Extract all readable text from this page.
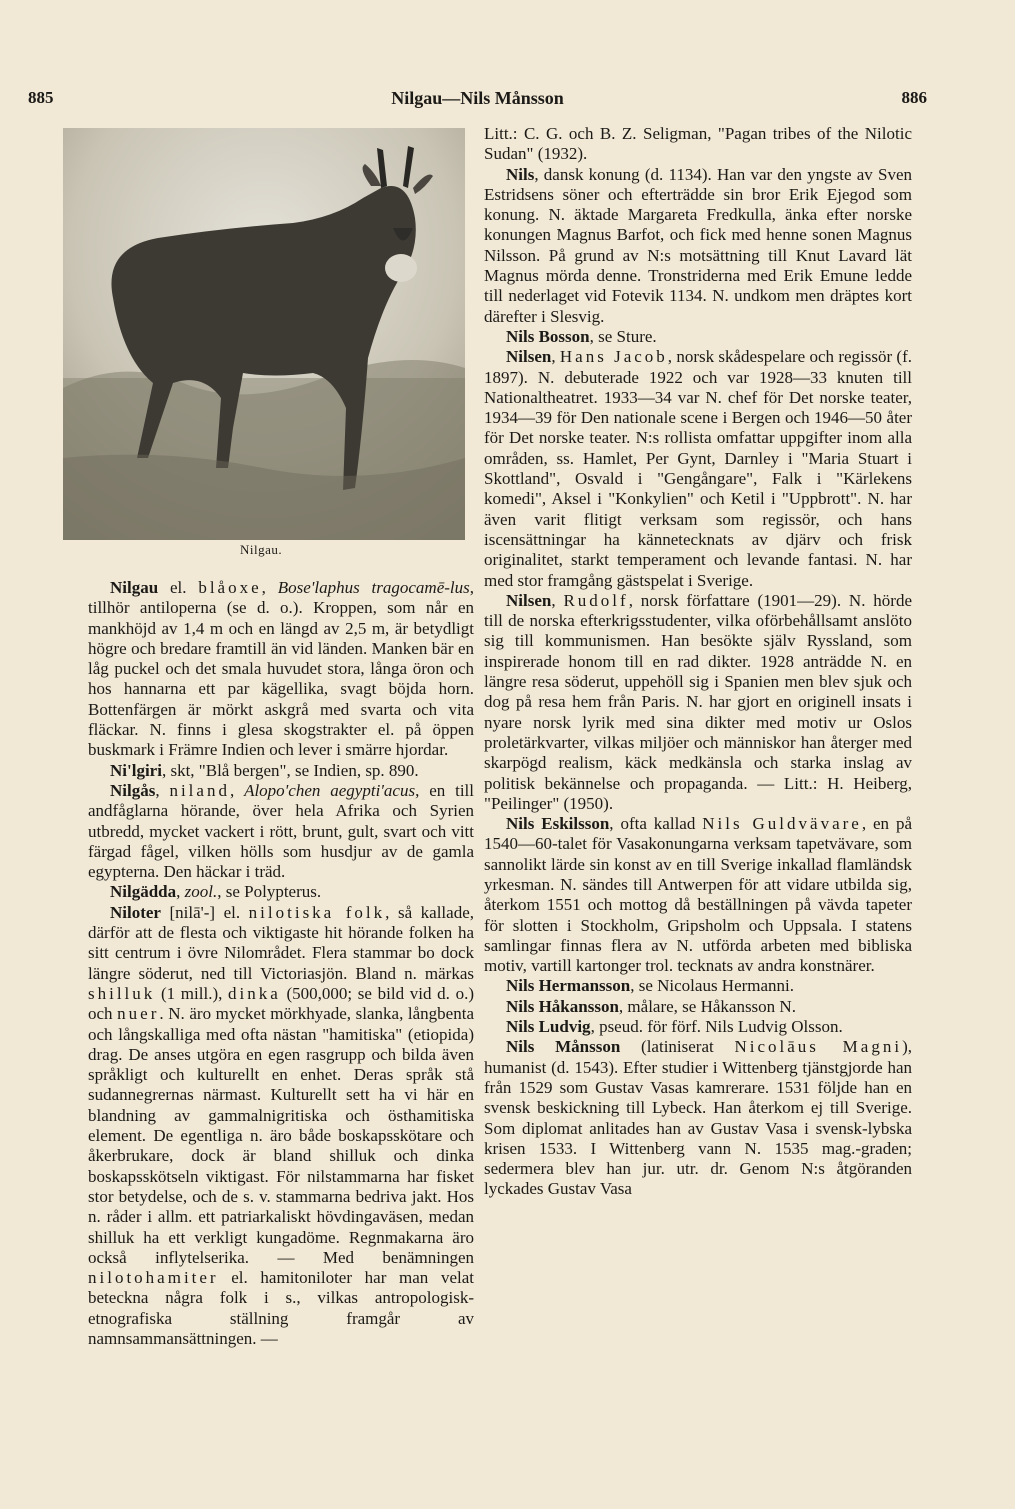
885	Nilgau—Nils Månsson	886
Nilgau.

Nilgau el. blåoxe, Bose'laphus tragocamē-lus, tillhör antiloperna (se d. o.). Kroppen, som når en mankhöjd av 1,4 m och en längd av 2,5 m, är betydligt högre och bredare framtill än vid länden. Manken bär en låg puckel och det smala huvudet stora, långa öron och hos hannarna ett par kägellika, svagt böjda horn. Bottenfärgen är mörkt askgrå med svarta och vita fläckar. N. finns i glesa skogstrakter el. på öppen buskmark i Främre Indien och lever i smärre hjordar.

Ni'lgiri, skt, "Blå bergen", se Indien, sp. 890.

Nilgås, niland, Alopo'chen aegypti'acus, en till andfåglarna hörande, över hela Afrika och Syrien utbredd, mycket vackert i rött, brunt, gult, svart och vitt färgad fågel, vilken hölls som husdjur av de gamla egypterna. Den häckar i träd.

Nilgädda, zool., se Polypterus.

Niloter [nilā'-] el. nilotiska folk, så kallade, därför att de flesta och viktigaste hit hörande folken ha sitt centrum i övre Nilområdet. Flera stammar bo dock längre söderut, ned till Victoriasjön. Bland n. märkas shilluk (1 mill.), dinka (500,000; se bild vid d. o.) och nuer. N. äro mycket mörkhyade, slanka, långbenta och långskalliga med ofta nästan "hamitiska" (etiopida) drag. De anses utgöra en egen rasgrupp och bilda även språkligt och kulturellt en enhet. Deras språk stå sudannegrernas närmast. Kulturellt sett ha vi här en blandning av gammalnigritiska och östhamitiska element. De egentliga n. äro både boskapsskötare och åkerbrukare, dock är bland shilluk och dinka boskapsskötseln viktigast. För nilstammarna har fisket stor betydelse, och de s. v. stammarna bedriva jakt. Hos n. råder i allm. ett patriarkaliskt hövdingaväsen, medan shilluk ha ett verkligt kungadöme. Regnmakarna äro också inflytelserika. — Med benämningen nilotohamiter el. hamitoniloter har man velat beteckna några folk i s., vilkas antropologisk-etnografiska ställning framgår av namnsammansättningen. —

Litt.: C. G. och B. Z. Seligman, "Pagan tribes of the Nilotic Sudan" (1932).

Nils, dansk konung (d. 1134). Han var den yngste av Sven Estridsens söner och efterträdde sin bror Erik Ejegod som konung. N. äktade Margareta Fredkulla, änka efter norske konungen Magnus Barfot, och fick med henne sonen Magnus Nilsson. På grund av N:s motsättning till Knut Lavard lät Magnus mörda denne. Tronstriderna med Erik Emune ledde till nederlaget vid Fotevik 1134. N. undkom men dräptes kort därefter i Slesvig.

Nils Bosson, se Sture.

Nilsen, Hans Jacob, norsk skådespelare och regissör (f. 1897). N. debuterade 1922 och var 1928—33 knuten till Nationaltheatret. 1933—34 var N. chef för Det norske teater, 1934—39 för Den nationale scene i Bergen och 1946—50 åter för Det norske teater. N:s rollista omfattar uppgifter inom alla områden, ss. Hamlet, Per Gynt, Darnley i "Maria Stuart i Skottland", Osvald i "Gengångare", Falk i "Kärlekens komedi", Aksel i "Konkylien" och Ketil i "Uppbrott". N. har även varit flitigt verksam som regissör, och hans iscensättningar ha kännetecknats av djärv och frisk originalitet, starkt temperament och levande fantasi. N. har med stor framgång gästspelat i Sverige.

Nilsen, Rudolf, norsk författare (1901—29). N. hörde till de norska efterkrigsstudenter, vilka oförbehållsamt anslöto sig till kommunismen. Han besökte själv Ryssland, som inspirerade honom till en rad dikter. 1928 anträdde N. en längre resa söderut, uppehöll sig i Spanien men blev sjuk och dog på resa hem från Paris. N. har gjort en originell insats i nyare norsk lyrik med sina dikter med motiv ur Oslos proletärkvarter, vilkas miljöer och människor han återger med skarpögd realism, käck medkänsla och starka inslag av politisk bekännelse och propaganda. — Litt.: H. Heiberg, "Peilinger" (1950).

Nils Eskilsson, ofta kallad Nils Guldvävare, en på 1540—60-talet för Vasakonungarna verksam tapetvävare, som sannolikt lärde sin konst av en till Sverige inkallad flamländsk yrkesman. N. sändes till Antwerpen för att vidare utbilda sig, återkom 1551 och mottog då beställningen på vävda tapeter för slotten i Stockholm, Gripsholm och Uppsala. I statens samlingar finnas flera av N. utförda arbeten med bibliska motiv, vartill kartonger trol. tecknats av andra konstnärer.

Nils Hermansson, se Nicolaus Hermanni.

Nils Håkansson, målare, se Håkansson N.

Nils Ludvig, pseud. för förf. Nils Ludvig Olsson.

Nils Månsson (latiniserat Nicolāus Magni), humanist (d. 1543). Efter studier i Wittenberg tjänstgjorde han från 1529 som Gustav Vasas kamrerare. 1531 följde han en svensk beskickning till Lybeck. Han återkom ej till Sverige. Som diplomat anlitades han av Gustav Vasa i svensk-lybska krisen 1533. I Wittenberg vann N. 1535 mag.-graden; sedermera blev han jur. utr. dr. Genom N:s åtgöranden lyckades Gustav Vasa
